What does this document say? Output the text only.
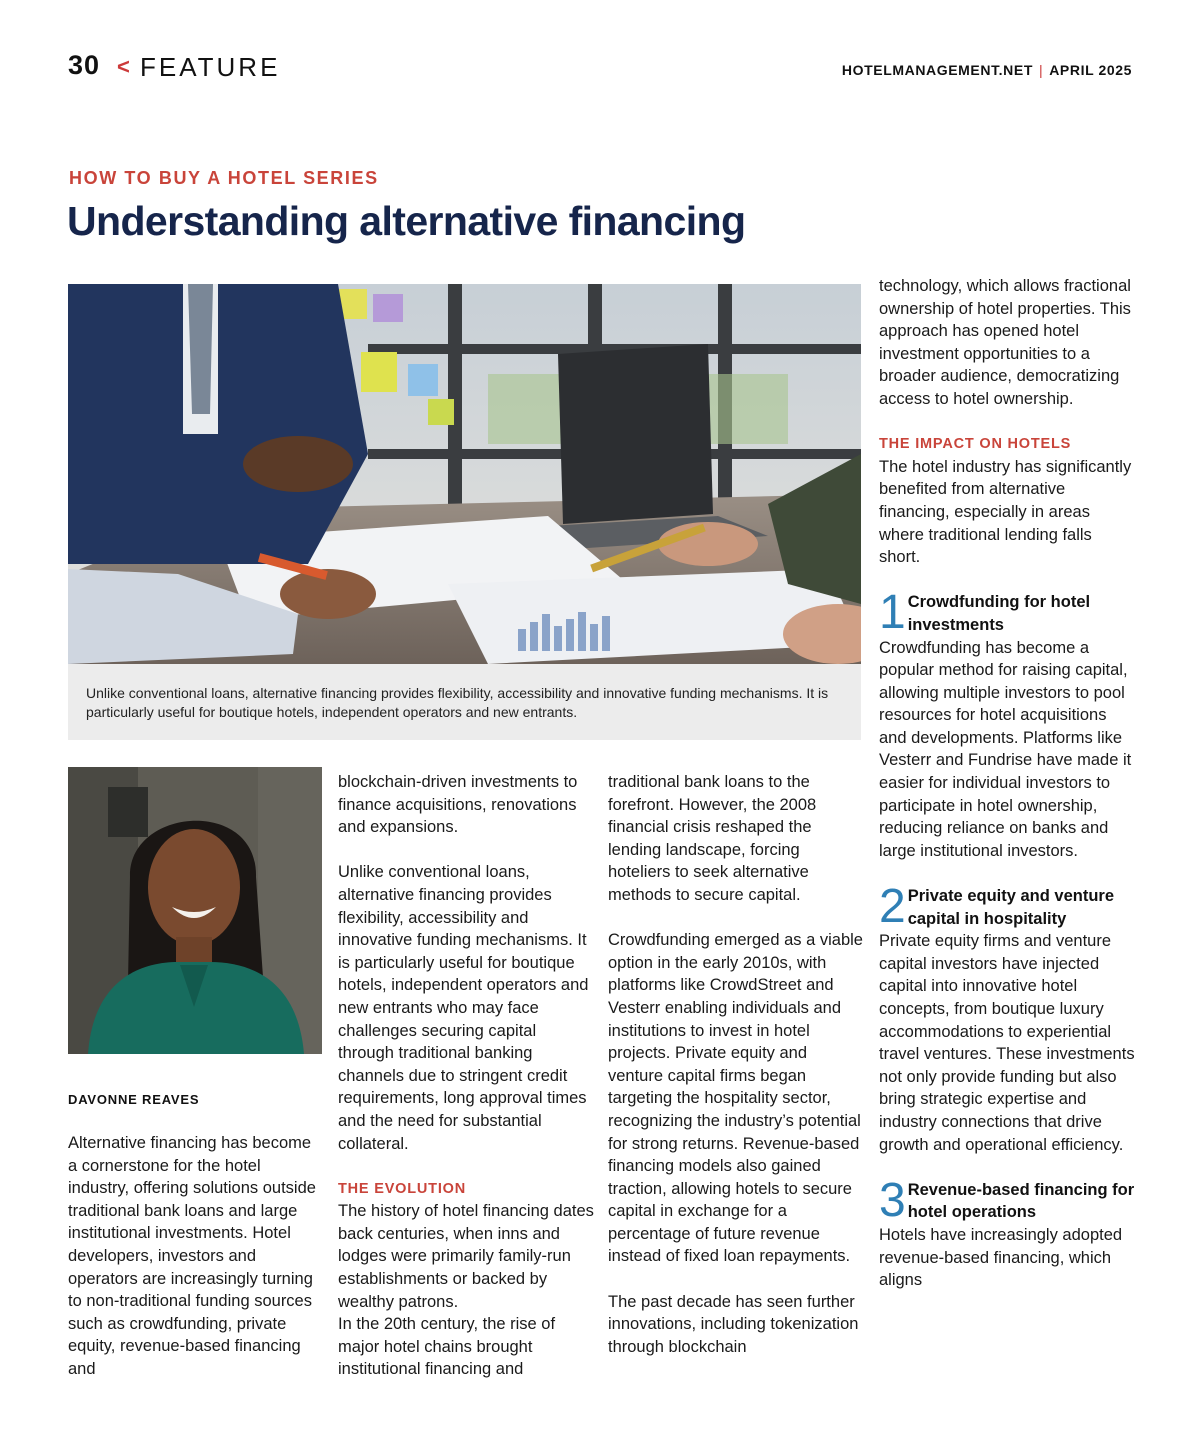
30 < FEATURE	HOTELMANAGEMENT.NET | APRIL 2025
HOW TO BUY A HOTEL SERIES
Understanding alternative financing
Unlike conventional loans, alternative financing provides flexibility, accessibility and innovative funding mechanisms. It is particularly useful for boutique hotels, independent operators and new entrants.
DAVONNE REAVES

Alternative financing has become a cornerstone for the hotel industry, offering solutions outside traditional bank loans and large institutional investments. Hotel developers, investors and operators are increasingly turning to non-traditional funding sources such as crowdfunding, private equity, revenue-based financing and

blockchain-driven investments to finance acquisitions, renovations and expansions.

Unlike conventional loans, alternative financing provides flexibility, accessibility and innovative funding mechanisms. It is particularly useful for boutique hotels, independent operators and new entrants who may face challenges securing capital through traditional banking channels due to stringent credit requirements, long approval times and the need for substantial collateral.

THE EVOLUTION

The history of hotel financing dates back centuries, when inns and lodges were primarily family-run establishments or backed by wealthy patrons.

In the 20th century, the rise of major hotel chains brought institutional financing and

traditional bank loans to the forefront. However, the 2008 financial crisis reshaped the lending landscape, forcing hoteliers to seek alternative methods to secure capital.

Crowdfunding emerged as a viable option in the early 2010s, with platforms like CrowdStreet and Vesterr enabling individuals and institutions to invest in hotel projects. Private equity and venture capital firms began targeting the hospitality sector, recognizing the industry’s potential for strong returns. Revenue-based financing models also gained traction, allowing hotels to secure capital in exchange for a percentage of future revenue instead of fixed loan repayments.

The past decade has seen further innovations, including tokenization through blockchain

technology, which allows fractional ownership of hotel properties. This approach has opened hotel investment opportunities to a broader audience, democratizing access to hotel ownership.

THE IMPACT ON HOTELS

The hotel industry has significantly benefited from alternative financing, especially in areas where traditional lending falls short.

1 Crowdfunding for hotel investments
Crowdfunding has become a popular method for raising capital, allowing multiple investors to pool resources for hotel acquisitions and developments. Platforms like Vesterr and Fundrise have made it easier for individual investors to participate in hotel ownership, reducing reliance on banks and large institutional investors.
2 Private equity and venture capital in hospitality
Private equity firms and venture capital investors have injected capital into innovative hotel concepts, from boutique luxury accommodations to experiential travel ventures. These investments not only provide funding but also bring strategic expertise and industry connections that drive growth and operational efficiency.
3 Revenue-based financing for hotel operations
Hotels have increasingly adopted revenue-based financing, which aligns
